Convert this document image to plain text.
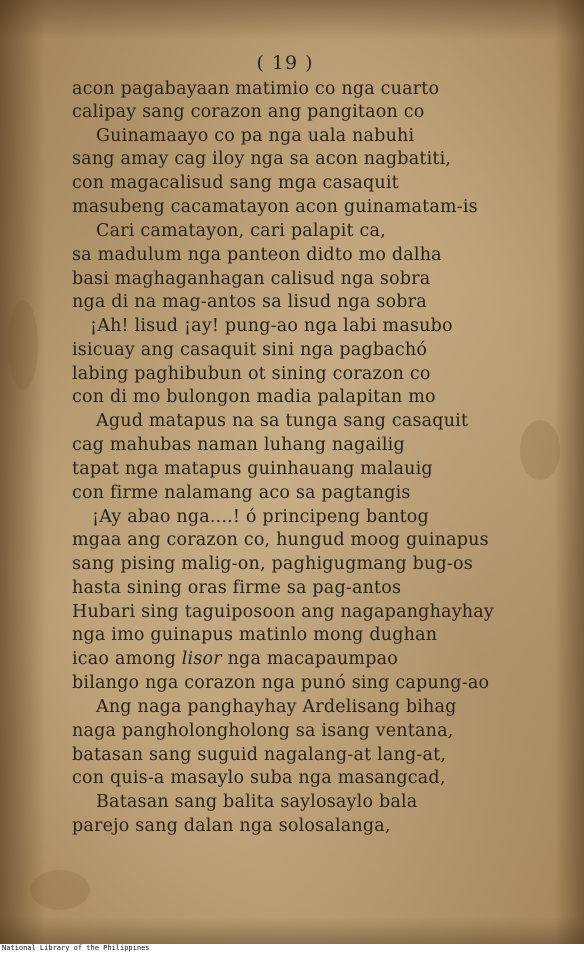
( 19 )
acon pagabayaan matimio co nga cuarto
calipay sang corazon ang pangitaon co
Guinamaayo co pa nga uala nabuhi
sang amay cag iloy nga sa acon nagbatiti,
con magacalisud sang mga casaquit
masubeng cacamatayon acon guinamatam-is
Cari camatayon, cari palapit ca,
sa madulum nga panteon didto mo dalha
basi maghaganhagan calisud nga sobra
nga di na mag-antos sa lisud nga sobra
¡Ah! lisud ¡ay! pung-ao nga labi masubo
isicuay ang casaquit sini nga pagbachó
labing paghibubun ot sining corazon co
con di mo bulongon madia palapitan mo
Agud matapus na sa tunga sang casaquit
cag mahubas naman luhang nagailig
tapat nga matapus guinhauang malauig
con firme nalamang aco sa pagtangis
¡Ay abao nga....! ó principeng bantog
mgaa ang corazon co, hungud moog guinapus
sang pising malig-on, paghigugmang bug-os
hasta sining oras firme sa pag-antos
Hubari sing taguiposoon ang nagapanghayhay
nga imo guinapus matinlo mong dughan
icao among lisor nga macapaumpao
bilango nga corazon nga punó sing capung-ao
Ang naga panghayhay Ardelisang bihag
naga pangholongholong sa isang ventana,
batasan sang suguid nagalang-at lang-at,
con quis-a masaylo suba nga masangcad,
Batasan sang balita saylosaylo bala
parejo sang dalan nga solosalanga,
National Library of the Philippines
